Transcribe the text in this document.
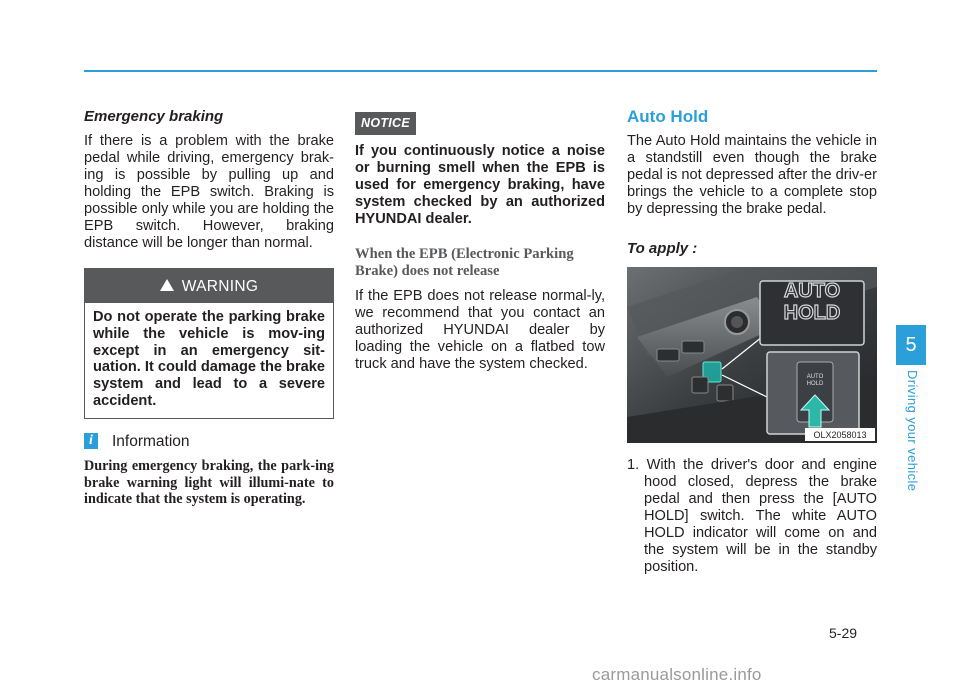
Emergency braking

If there is a problem with the brake pedal while driving, emergency brak-ing is possible by pulling up and holding the EPB switch. Braking is possible only while you are holding the EPB switch. However, braking distance will be longer than normal.

WARNING
Do not operate the parking brake while the vehicle is mov-ing except in an emergency sit-uation. It could damage the brake system and lead to a severe accident.
i	Information
During emergency braking, the park-ing brake warning light will illumi-nate to indicate that the system is operating.
NOTICE
If you continuously notice a noise or burning smell when the EPB is used for emergency braking, have system checked by an authorized HYUNDAI dealer.
When the EPB (Electronic Parking Brake) does not release

If the EPB does not release normal-ly, we recommend that you contact an authorized HYUNDAI dealer by loading the vehicle on a flatbed tow truck and have the system checked.

Auto Hold

The Auto Hold maintains the vehicle in a standstill even though the brake pedal is not depressed after the driv-er brings the vehicle to a complete stop by depressing the brake pedal.

To apply :
AUTO
HOLD
AUTO
HOLD
OLX2058013
1. With the driver's door and engine hood closed, depress the brake pedal and then press the [AUTO HOLD] switch. The white AUTO HOLD indicator will come on and the system will be in the standby position.
5
Driving your vehicle
5-29
carmanualsonline.info
